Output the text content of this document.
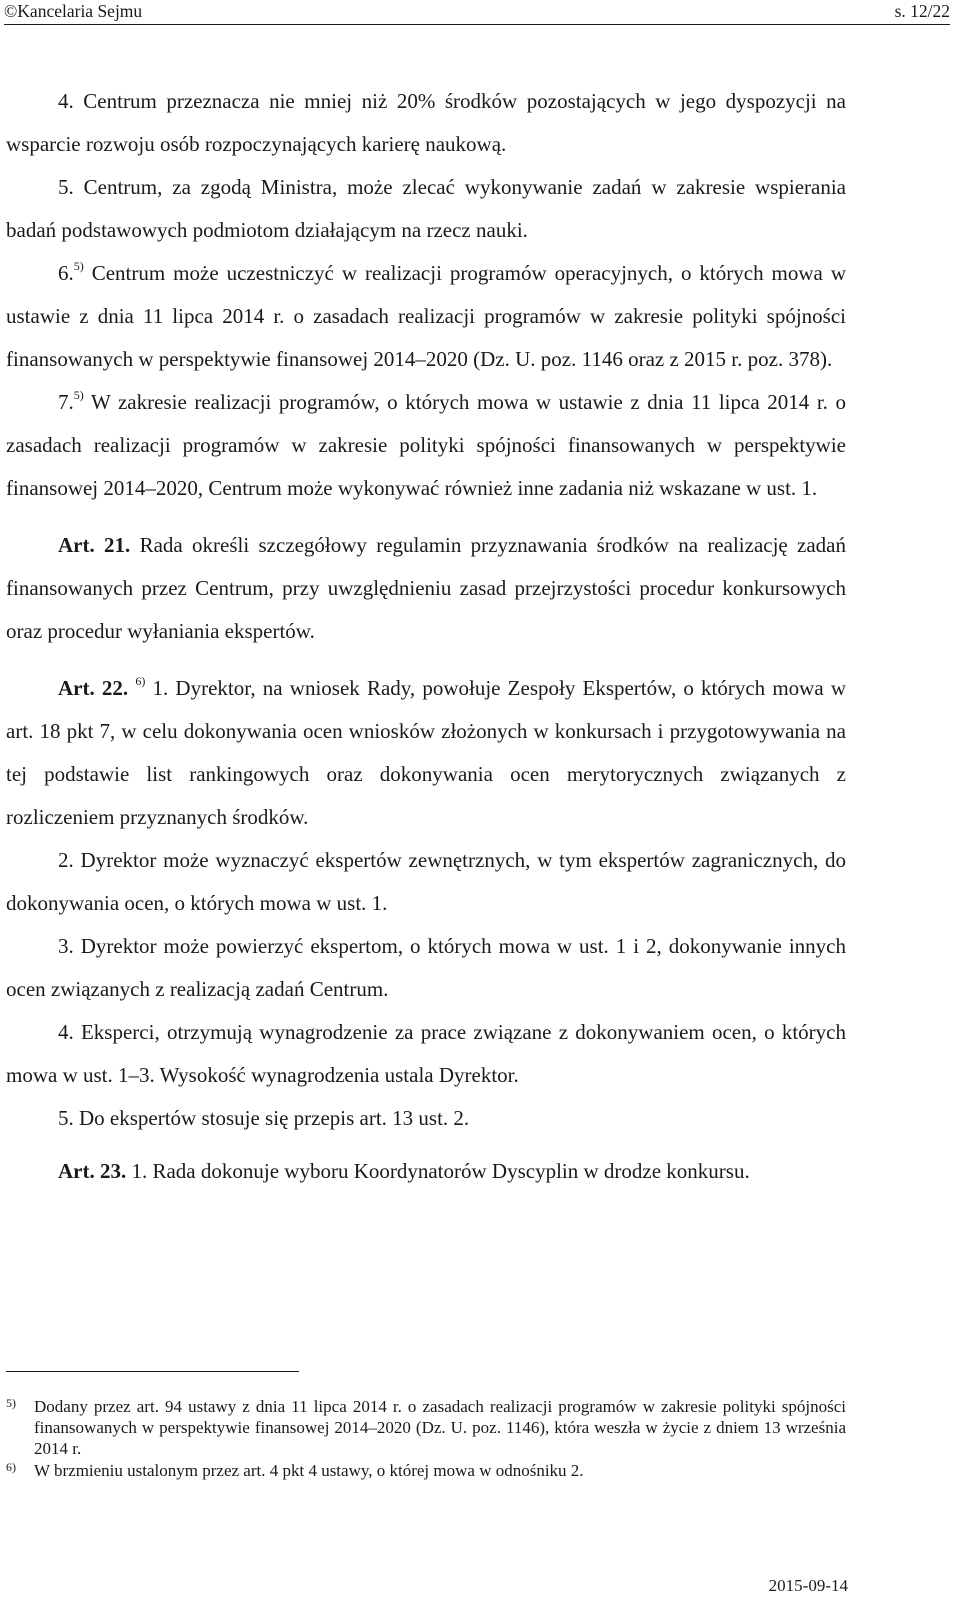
©Kancelaria Sejmu	s. 12/22

4. Centrum przeznacza nie mniej niż 20% środków pozostających w jego dyspozycji na wsparcie rozwoju osób rozpoczynających karierę naukową.

5. Centrum, za zgodą Ministra, może zlecać wykonywanie zadań w zakresie wspierania badań podstawowych podmiotom działającym na rzecz nauki.

6.$^{5)}$ Centrum może uczestniczyć w realizacji programów operacyjnych, o których mowa w ustawie z dnia 11 lipca 2014 r. o zasadach realizacji programów w zakresie polityki spójności finansowanych w perspektywie finansowej 2014–2020 (Dz. U. poz. 1146 oraz z 2015 r. poz. 378).

7.$^{5)}$ W zakresie realizacji programów, o których mowa w ustawie z dnia 11 lipca 2014 r. o zasadach realizacji programów w zakresie polityki spójności finansowanych w perspektywie finansowej 2014–2020, Centrum może wykonywać również inne zadania niż wskazane w ust. 1.

Art. 21. Rada określi szczegółowy regulamin przyznawania środków na realizację zadań finansowanych przez Centrum, przy uwzględnieniu zasad przejrzystości procedur konkursowych oraz procedur wyłaniania ekspertów.

Art. 22. $^{6)}$ 1. Dyrektor, na wniosek Rady, powołuje Zespoły Ekspertów, o których mowa w art. 18 pkt 7, w celu dokonywania ocen wniosków złożonych w konkursach i przygotowywania na tej podstawie list rankingowych oraz dokonywania ocen merytorycznych związanych z rozliczeniem przyznanych środków.

2. Dyrektor może wyznaczyć ekspertów zewnętrznych, w tym ekspertów zagranicznych, do dokonywania ocen, o których mowa w ust. 1.

3. Dyrektor może powierzyć ekspertom, o których mowa w ust. 1 i 2, dokonywanie innych ocen związanych z realizacją zadań Centrum.

4. Eksperci, otrzymują wynagrodzenie za prace związane z dokonywaniem ocen, o których mowa w ust. 1–3. Wysokość wynagrodzenia ustala Dyrektor.

5. Do ekspertów stosuje się przepis art. 13 ust. 2.

Art. 23. 1. Rada dokonuje wyboru Koordynatorów Dyscyplin w drodze konkursu.

5) Dodany przez art. 94 ustawy z dnia 11 lipca 2014 r. o zasadach realizacji programów w zakresie polityki spójności finansowanych w perspektywie finansowej 2014–2020 (Dz. U. poz. 1146), która weszła w życie z dniem 13 września 2014 r.
6) W brzmieniu ustalonym przez art. 4 pkt 4 ustawy, o której mowa w odnośniku 2.
2015-09-14
